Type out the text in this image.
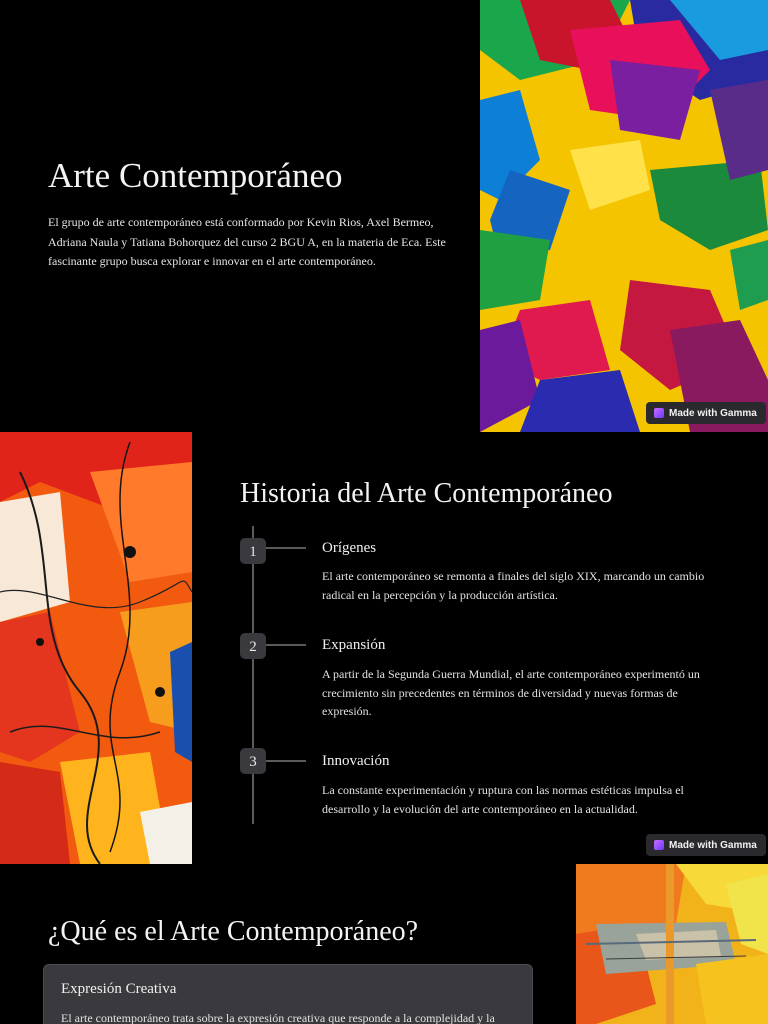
Arte Contemporáneo

El grupo de arte contemporáneo está conformado por Kevin Rios, Axel Bermeo, Adriana Naula y Tatiana Bohorquez del curso 2 BGU A, en la materia de Eca. Este fascinante grupo busca explorar e innovar en el arte contemporáneo.

Made with Gamma
Historia del Arte Contemporáneo
1	Orígenes
El arte contemporáneo se remonta a finales del siglo XIX, marcando un cambio radical en la percepción y la producción artística.
2	Expansión
A partir de la Segunda Guerra Mundial, el arte contemporáneo experimentó un crecimiento sin precedentes en términos de diversidad y nuevas formas de expresión.
3	Innovación
La constante experimentación y ruptura con las normas estéticas impulsa el desarrollo y la evolución del arte contemporáneo en la actualidad.
Made with Gamma
¿Qué es el Arte Contemporáneo?
Expresión Creativa
El arte contemporáneo trata sobre la expresión creativa que responde a la complejidad y la
